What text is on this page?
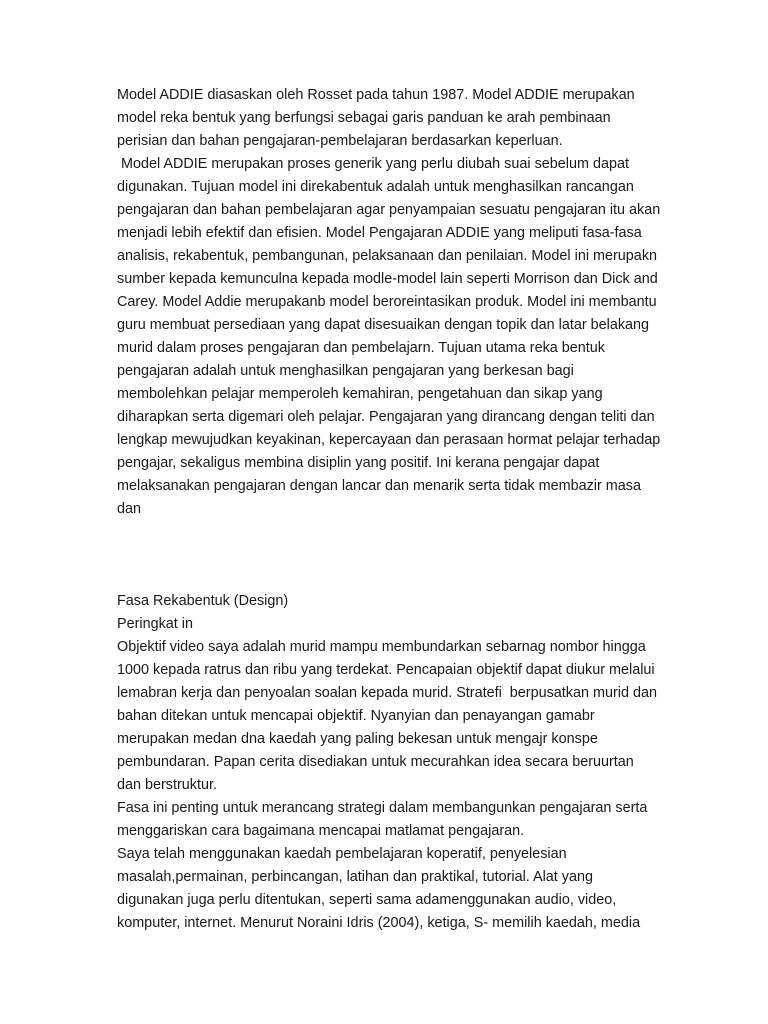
Model ADDIE diasaskan oleh Rosset pada tahun 1987. Model ADDIE merupakan

model reka bentuk yang berfungsi sebagai garis panduan ke arah pembinaan

perisian dan bahan pengajaran-pembelajaran berdasarkan keperluan.

Model ADDIE merupakan proses generik yang perlu diubah suai sebelum dapat

digunakan. Tujuan model ini direkabentuk adalah untuk menghasilkan rancangan

pengajaran dan bahan pembelajaran agar penyampaian sesuatu pengajaran itu akan

menjadi lebih efektif dan efisien. Model Pengajaran ADDIE yang meliputi fasa-fasa

analisis, rekabentuk, pembangunan, pelaksanaan dan penilaian. Model ini merupakn

sumber kepada kemunculna kepada modle-model lain seperti Morrison dan Dick and

Carey. Model Addie merupakanb model beroreintasikan produk. Model ini membantu

guru membuat persediaan yang dapat disesuaikan dengan topik dan latar belakang

murid dalam proses pengajaran dan pembelajarn. Tujuan utama reka bentuk

pengajaran adalah untuk menghasilkan pengajaran yang berkesan bagi

membolehkan pelajar memperoleh kemahiran, pengetahuan dan sikap yang

diharapkan serta digemari oleh pelajar. Pengajaran yang dirancang dengan teliti dan

lengkap mewujudkan keyakinan, kepercayaan dan perasaan hormat pelajar terhadap

pengajar, sekaligus membina disiplin yang positif. Ini kerana pengajar dapat

melaksanakan pengajaran dengan lancar dan menarik serta tidak membazir masa

dan

Fasa Rekabentuk (Design)

Peringkat in

Objektif video saya adalah murid mampu membundarkan sebarnag nombor hingga

1000 kepada ratrus dan ribu yang terdekat. Pencapaian objektif dapat diukur melalui

lemabran kerja dan penyoalan soalan kepada murid. Stratefi  berpusatkan murid dan

bahan ditekan untuk mencapai objektif. Nyanyian dan penayangan gamabr

merupakan medan dna kaedah yang paling bekesan untuk mengajr konspe

pembundaran. Papan cerita disediakan untuk mecurahkan idea secara beruurtan

dan berstruktur.

Fasa ini penting untuk merancang strategi dalam membangunkan pengajaran serta

menggariskan cara bagaimana mencapai matlamat pengajaran.

Saya telah menggunakan kaedah pembelajaran koperatif, penyelesian

masalah,permainan, perbincangan, latihan dan praktikal, tutorial. Alat yang

digunakan juga perlu ditentukan, seperti sama adamenggunakan audio, video,

komputer, internet. Menurut Noraini Idris (2004), ketiga, S- memilih kaedah, media
